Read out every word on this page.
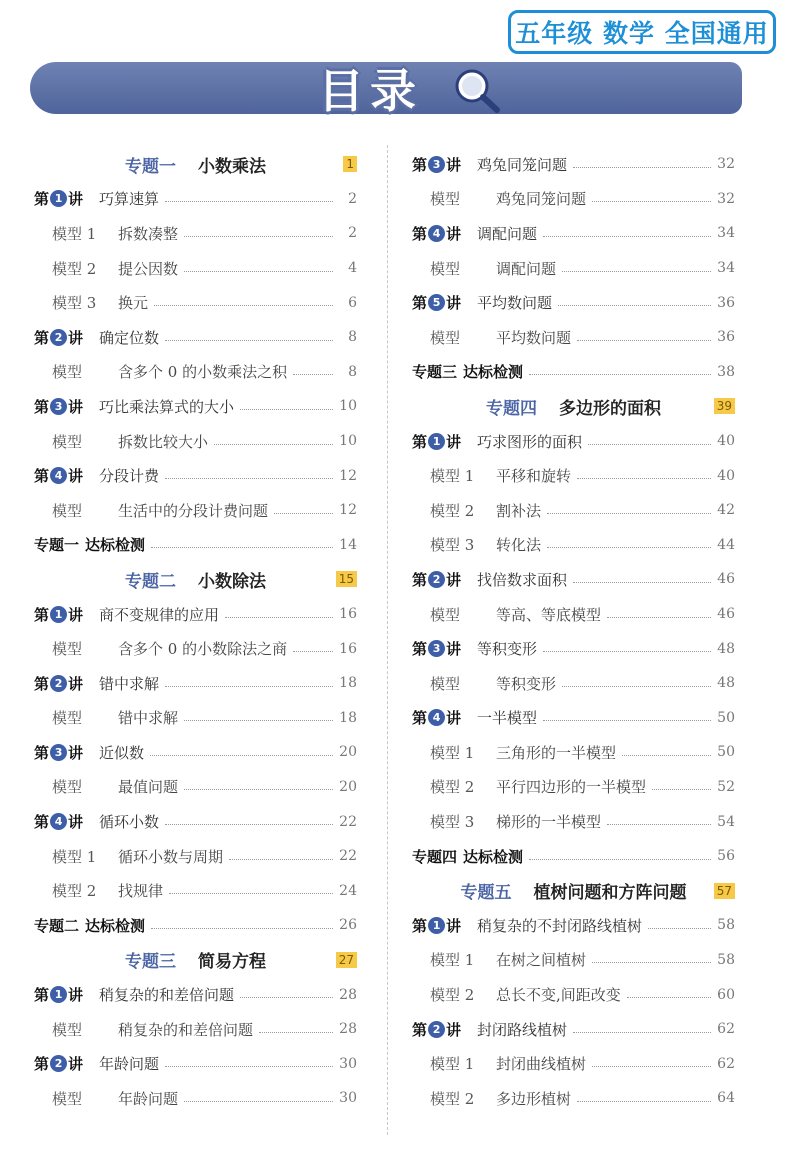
五年级 数学 全国通用
目录
专题一 小数乘法	1
第 1 讲 巧算速算	2
模型 1	拆数凑整	2
模型 2	提公因数	4
模型 3	换元	6
第 2 讲 确定位数	8
模型	含多个 0 的小数乘法之积	8
第 3 讲 巧比乘法算式的大小	10
模型	拆数比较大小	10
第 4 讲 分段计费	12
模型	生活中的分段计费问题	12
专题一 达标检测	14
专题二 小数除法	15
第 1 讲 商不变规律的应用	16
模型	含多个 0 的小数除法之商	16
第 2 讲 错中求解	18
模型	错中求解	18
第 3 讲 近似数	20
模型	最值问题	20
第 4 讲 循环小数	22
模型 1	循环小数与周期	22
模型 2	找规律	24
专题二 达标检测	26
专题三 简易方程	27
第 1 讲 稍复杂的和差倍问题	28
模型	稍复杂的和差倍问题	28
第 2 讲 年龄问题	30
模型	年龄问题	30
第 3 讲 鸡兔同笼问题	32
模型	鸡兔同笼问题	32
第 4 讲 调配问题	34
模型	调配问题	34
第 5 讲 平均数问题	36
模型	平均数问题	36
专题三 达标检测	38
专题四 多边形的面积	39
第 1 讲 巧求图形的面积	40
模型 1	平移和旋转	40
模型 2	割补法	42
模型 3	转化法	44
第 2 讲 找倍数求面积	46
模型	等高、等底模型	46
第 3 讲 等积变形	48
模型	等积变形	48
第 4 讲 一半模型	50
模型 1	三角形的一半模型	50
模型 2	平行四边形的一半模型	52
模型 3	梯形的一半模型	54
专题四 达标检测	56
专题五 植树问题和方阵问题	57
第 1 讲 稍复杂的不封闭路线植树	58
模型 1	在树之间植树	58
模型 2	总长不变,间距改变	60
第 2 讲 封闭路线植树	62
模型 1	封闭曲线植树	62
模型 2	多边形植树	64
